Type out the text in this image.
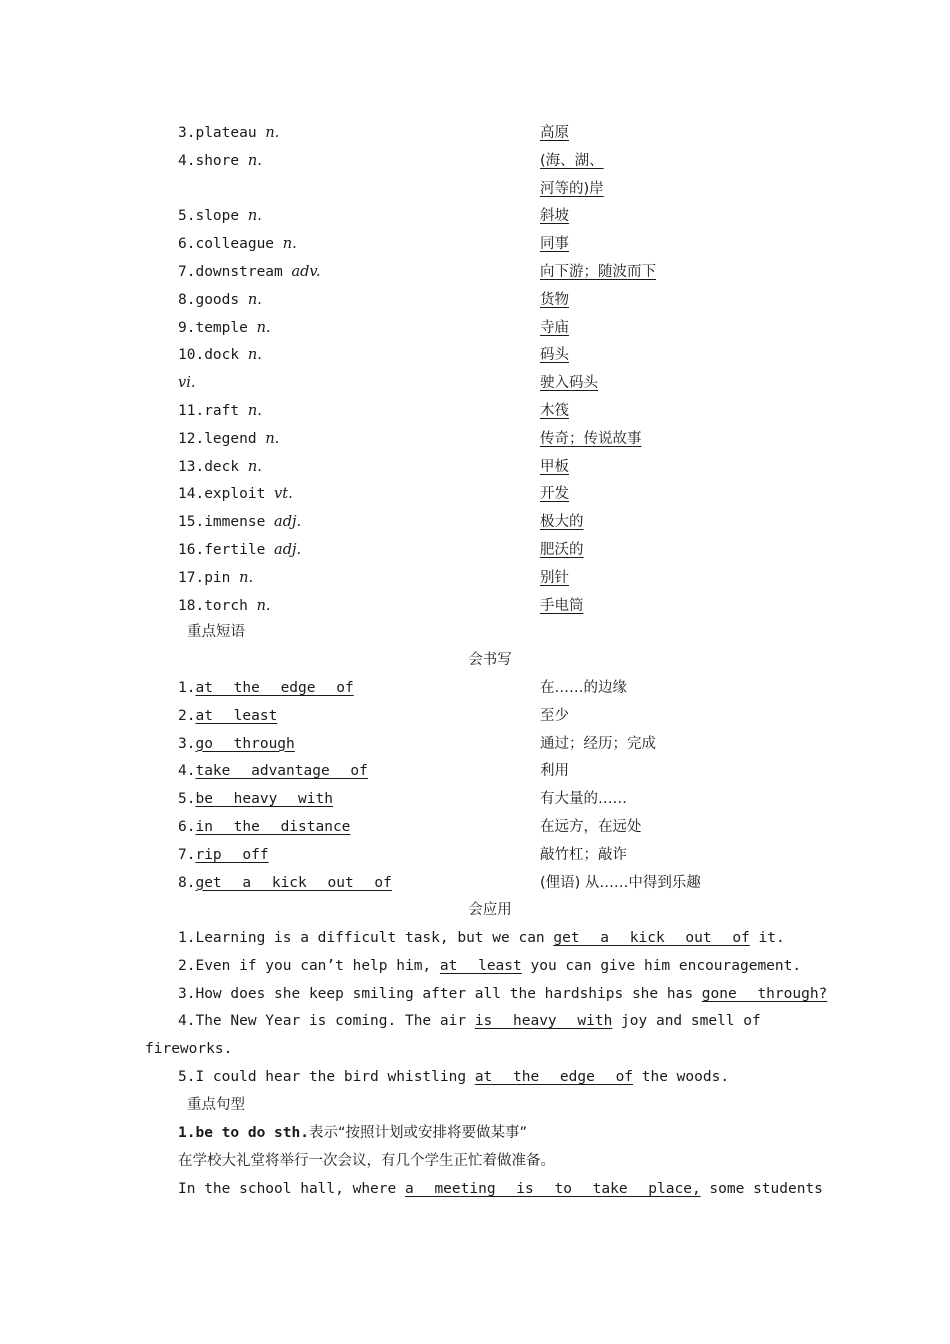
3.plateau n.	高原
4.shore n.	(海、湖、
河等的)岸
5.slope n.	斜坡
6.colleague n.	同事
7.downstream adv.	向下游；随波而下
8.goods n.	货物
9.temple n.	寺庙
10.dock n.	码头
vi.	驶入码头
11.raft n.	木筏
12.legend n.	传奇；传说故事
13.deck n.	甲板
14.exploit vt.	开发
15.immense adj.	极大的
16.fertile adj.	肥沃的
17.pin n.	别针
18.torch n.	手电筒
重点短语
会书写
1.at the edge of	在……的边缘
2.at least	至少
3.go through	通过；经历；完成
4.take advantage of	利用
5.be heavy with	有大量的……
6.in the distance	在远方，在远处
7.rip off	敲竹杠；敲诈
8.get a kick out of	(俚语) 从……中得到乐趣
会应用
1.Learning is a difficult task, but we can get a kick out of it.
2.Even if you can’t help him, at least you can give him encouragement.
3.How does she keep smiling after all the hardships she has gone through?
4.The New Year is coming. The air is heavy with joy and smell of
5.I could hear the bird whistling at the edge of the woods.
fireworks.
重点句型
1.be to do sth.表示“按照计划或安排将要做某事”
在学校大礼堂将举行一次会议，有几个学生正忙着做准备。
In the school hall, where a meeting is to take place, some students
